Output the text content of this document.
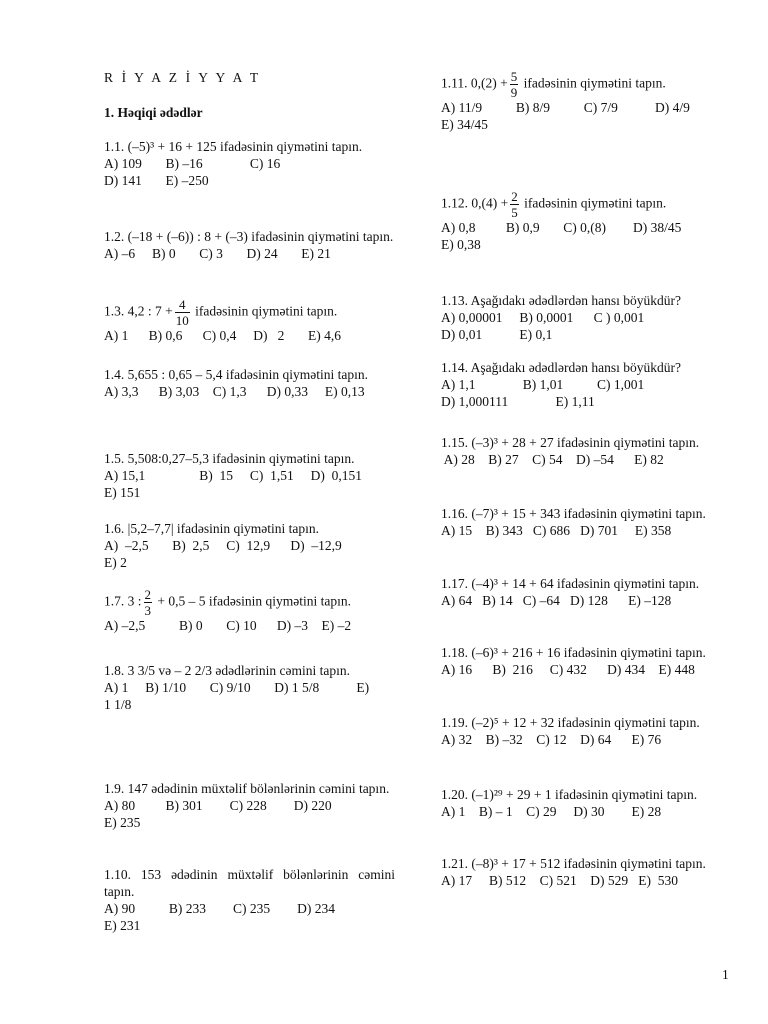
R İ Y A Z İ Y Y A T
1. Həqiqi ədədlər
1.1. (–5)³ + 16 + 125 ifadəsinin qiymətini tapın.
A) 109       B) –16              C) 16
D) 141       E) –250
1.2. (–18 + (–6)) : 8 + (–3) ifadəsinin qiymətini tapın.
A) –6     B) 0       C) 3       D) 24       E) 21
1.3. 4,2 : $7 + \frac{4}{10}$ ifadəsinin qiymətini tapın.
A) 1      B) 0,6      C) 0,4     D)   2       E) 4,6
1.4. 5,655 : 0,65 – 5,4 ifadəsinin qiymətini tapın.
A) 3,3      B) 3,03    C) 1,3      D) 0,33     E) 0,13
1.5. 5,508:0,27–5,3 ifadəsinin qiymətini tapın.
A) 15,1                B)  15     C)  1,51     D)  0,151
E) 151
1.6. |5,2–7,7| ifadəsinin qiymətini tapın.
A)  –2,5       B)  2,5     C)  12,9      D)  –12,9
E) 2
1.7. 3 : $\frac{2}{3} + 0,5 - 5$ ifadəsinin qiymətini tapın.
A) –2,5          B) 0       C) 10      D) –3    E) –2
1.8. 3 3/5 və – 2 2/3 ədədlərinin cəmini tapın.
A) 1     B) 1/10       C) 9/10       D) 1 5/8           E)
1 1/8
1.9. 147 ədədinin müxtəlif bölənlərinin cəmini tapın.
A) 80         B) 301        C) 228        D) 220
E) 235
1.10. 153 ədədinin müxtəlif bölənlərinin cəmini tapın.
A) 90          B) 233        C) 235        D) 234
E) 231
1.11. $0,(2) + \frac{5}{9}$ ifadəsinin qiymətini tapın.
A) 11/9          B) 8/9          C) 7/9           D) 4/9
E) 34/45
1.12. $0,(4) + \frac{2}{5}$ ifadəsinin qiymətini tapın.
A) 0,8         B) 0,9       C) 0,(8)        D) 38/45
E) 0,38
1.13. Aşağıdakı ədədlərdən hansı böyükdür?
A) 0,00001     B) 0,0001      C ) 0,001
D) 0,01           E) 0,1
1.14. Aşağıdakı ədədlərdən hansı böyükdür?
A) 1,1              B) 1,01          C) 1,001
D) 1,000111              E) 1,11
1.15. (–3)³ + 28 + 27 ifadəsinin qiymətini tapın.
A) 28    B) 27    C) 54    D) –54      E) 82
1.16. (–7)³ + 15 + 343 ifadəsinin qiymətini tapın.
A) 15    B) 343   C) 686   D) 701     E) 358
1.17. (–4)³ + 14 + 64 ifadəsinin qiymətini tapın.
A) 64   B) 14   C) –64   D) 128      E) –128
1.18. (–6)³ + 216 + 16 ifadəsinin qiymətini tapın.
A) 16      B)  216     C) 432      D) 434    E) 448
1.19. (–2)⁵ + 12 + 32 ifadəsinin qiymətini tapın.
A) 32    B) –32    C) 12    D) 64      E) 76
1.20. (–1)²⁹ + 29 + 1 ifadəsinin qiymətini tapın.
A) 1    B) – 1    C) 29     D) 30        E) 28
1.21. (–8)³ + 17 + 512 ifadəsinin qiymətini tapın.
A) 17     B) 512    C) 521    D) 529   E)  530
1
